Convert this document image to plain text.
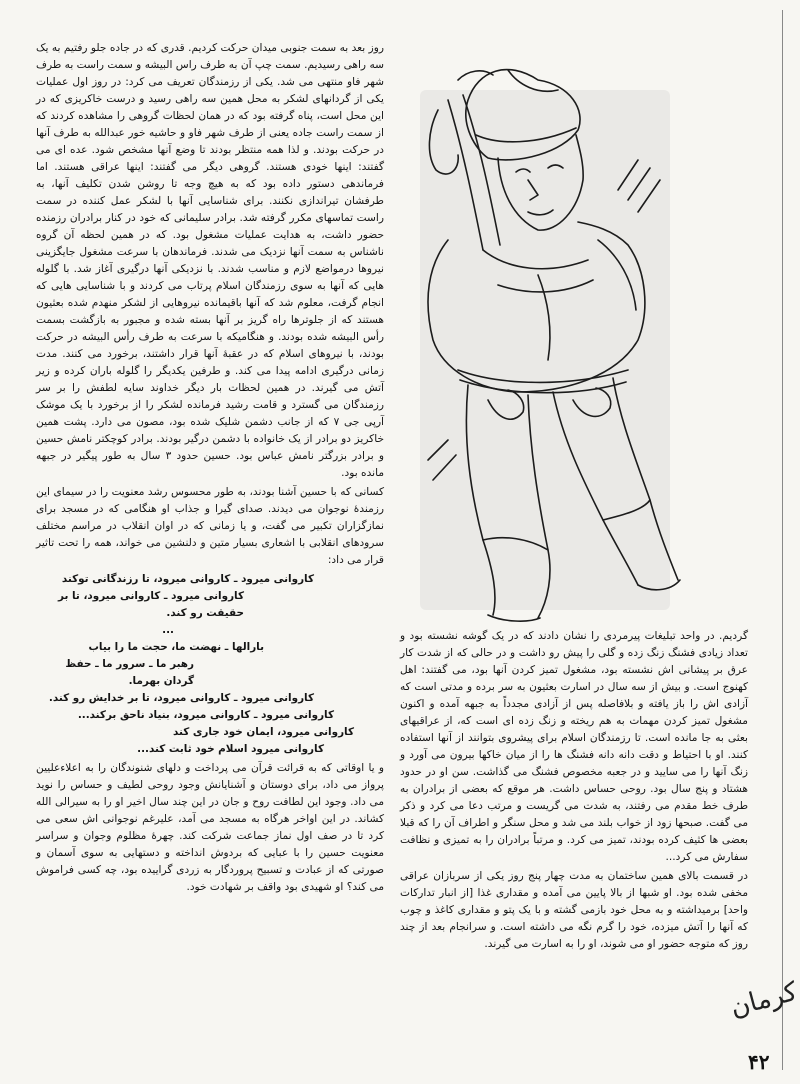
روز بعد به سمت جنوبی میدان حرکت کردیم. قدری که در جاده جلو رفتیم به یک سه راهی رسیدیم. سمت چپ آن به طرف راس البیشه و سمت راست به طرف شهر فاو منتهی می شد. یکی از رزمندگان تعریف می کرد: در روز اول عملیات یکی از گردانهای لشکر به محل همین سه راهی رسید و درست خاکریزی که در این محل است، پناه گرفته بود که در همان لحظات گروهی را مشاهده کردند که از سمت راست جاده یعنی از طرف شهر فاو و حاشیه خور عبدالله به طرف آنها در حرکت بودند. و لذا همه منتظر بودند تا وضع آنها مشخص شود. عده ای می گفتند: اینها خودی هستند. گروهی دیگر می گفتند: اینها عراقی هستند. اما فرماندهی دستور داده بود که به هیچ وجه تا روشن شدن تکلیف آنها، به طرفشان تیراندازی نکنند. برای شناسایی آنها با لشکر عمل کننده در سمت راست تماسهای مکرر گرفته شد. برادر سلیمانی که خود در کنار برادران رزمنده حضور داشت، به هدایت عملیات مشغول بود. که در همین لحظه آن گروه ناشناس به سمت آنها نزدیک می شدند. فرماندهان با سرعت مشغول جایگزینی نیروها درمواضع لازم و مناسب شدند. با نزدیکی آنها درگیری آغاز شد. با گلوله هایی که آنها به سوی رزمندگان اسلام پرتاب می کردند و با شناسایی هایی که انجام گرفت، معلوم شد که آنها باقیمانده نیروهایی از لشکر منهدم شده بعثیون هستند که از جلوترها راه گریز بر آنها بسته شده و مجبور به بازگشت بسمت رأس البیشه شده بودند. و هنگامیکه با سرعت به طرف رأس البیشه در حرکت بودند، با نیروهای اسلام که در عقبهٔ آنها قرار داشتند، برخورد می کنند. مدت زمانی درگیری ادامه پیدا می کند. و طرفین یکدیگر را گلوله باران کرده و زیر آتش می گیرند. در همین لحظات بار دیگر خداوند سایه لطفش را بر سر رزمندگان می گسترد و قامت رشید فرمانده لشکر را از برخورد با یک موشک آرپی جی ۷ که از جانب دشمن شلیک شده بود، مصون می دارد. پشت همین خاکریز دو برادر از یک خانواده با دشمن درگیر بودند. برادر کوچکتر نامش حسین و برادر بزرگتر نامش عباس بود. حسین حدود ۳ سال به طور پیگیر در جبهه مانده بود.

کسانی که با حسین آشنا بودند، به طور محسوس رشد معنویت را در سیمای این رزمندهٔ نوجوان می دیدند. صدای گیرا و جذاب او هنگامی که در مسجد برای نمازگزاران تکبیر می گفت، و یا زمانی که در اوان انقلاب در مراسم مختلف سرودهای انقلابی با اشعاری بسیار متین و دلنشین می خواند، همه را تحت تاثیر قرار می داد:

کاروانی میرود ـ کاروانی میرود، تا رزندگانی توکند
کاروانی میرود ـ کاروانی میرود، تا بر حقیقت رو کند.
...
بارالها ـ نهضت ما، حجت ما را بیاب
رهبر ما ـ سرور ما ـ حفظ گردان بهرما.
کاروانی میرود ـ کاروانی میرود، تا بر خدایش رو کند.
کاروانی میرود ـ کاروانی میرود، بنیاد ناحق برکند...
کاروانی میرود، ایمان خود جاری کند
کاروانی میرود اسلام خود ثابت کند...

و یا اوقاتی که به قرائت قرآن می پرداخت و دلهای شنوندگان را به اعلاءعلیین پرواز می داد، برای دوستان و آشنایانش وجود روحی لطیف و حساس را نوید می داد. وجود این لطافت روح و جان در این چند سال اخیر او را به سیرالی الله کشاند. در این اواخر هرگاه به مسجد می آمد، علیرغم نوجوانی اش سعی می کرد تا در صف اول نماز جماعت شرکت کند. چهرهٔ مظلوم وجوان و سراسر معنویت حسین را با عبایی که بردوش انداخته و دستهایی به سوی آسمان و صورتی که از عبادت و تسبیح پروردگار به زردی گراییده بود، چه کسی فراموش می کند؟ او شهیدی بود واقف بر شهادت خود.

گردیم. در واحد تبلیغات پیرمردی را نشان دادند که در یک گوشه نشسته بود و تعداد زیادی فشنگ زنگ زده و گلی را پیش رو داشت و در حالی که از شدت کار عرق بر پیشانی اش نشسته بود، مشغول تمیز کردن آنها بود، می گفتند: اهل کهنوج است. و بیش از سه سال در اسارت بعثیون به سر برده و مدتی است که آزادی اش را باز یافته و بلافاصله پس از آزادی مجدداً به جبهه آمده و اکنون مشغول تمیز کردن مهمات به هم ریخته و زنگ زده ای است که، از عراقیهای بعثی به جا مانده است. تا رزمندگان اسلام برای پیشروی بتوانند از آنها استفاده کنند. او با احتیاط و دقت دانه دانه فشنگ ها را از میان خاکها بیرون می آورد و زنگ آنها را می سایید و در جعبه مخصوص فشنگ می گذاشت. سن او در حدود هشتاد و پنج سال بود. روحی حساس داشت. هر موقع که بعضی از برادران به طرف خط مقدم می رفتند، به شدت می گریست و مرتب دعا می کرد و ذکر می گفت. صبحها زود از خواب بلند می شد و محل سنگر و اطراف آن را که قبلا بعضی ها کثیف کرده بودند، تمیز می کرد. و مرتباً برادران را به تمیزی و نظافت سفارش می کرد...

در قسمت بالای همین ساختمان به مدت چهار پنج روز یکی از سربازان عراقی مخفی شده بود. او شبها از بالا پایین می آمده و مقداری غذا [از انبار تدارکات واحد] برمیداشته و به محل خود بازمی گشته و با یک پتو و مقداری کاغذ و چوب که آنها را آتش میزده، خود را گرم نگه می داشته است. و سرانجام بعد از چند روز که متوجه حضور او می شوند، او را به اسارت می گیرند.

کرمان
۴۲
